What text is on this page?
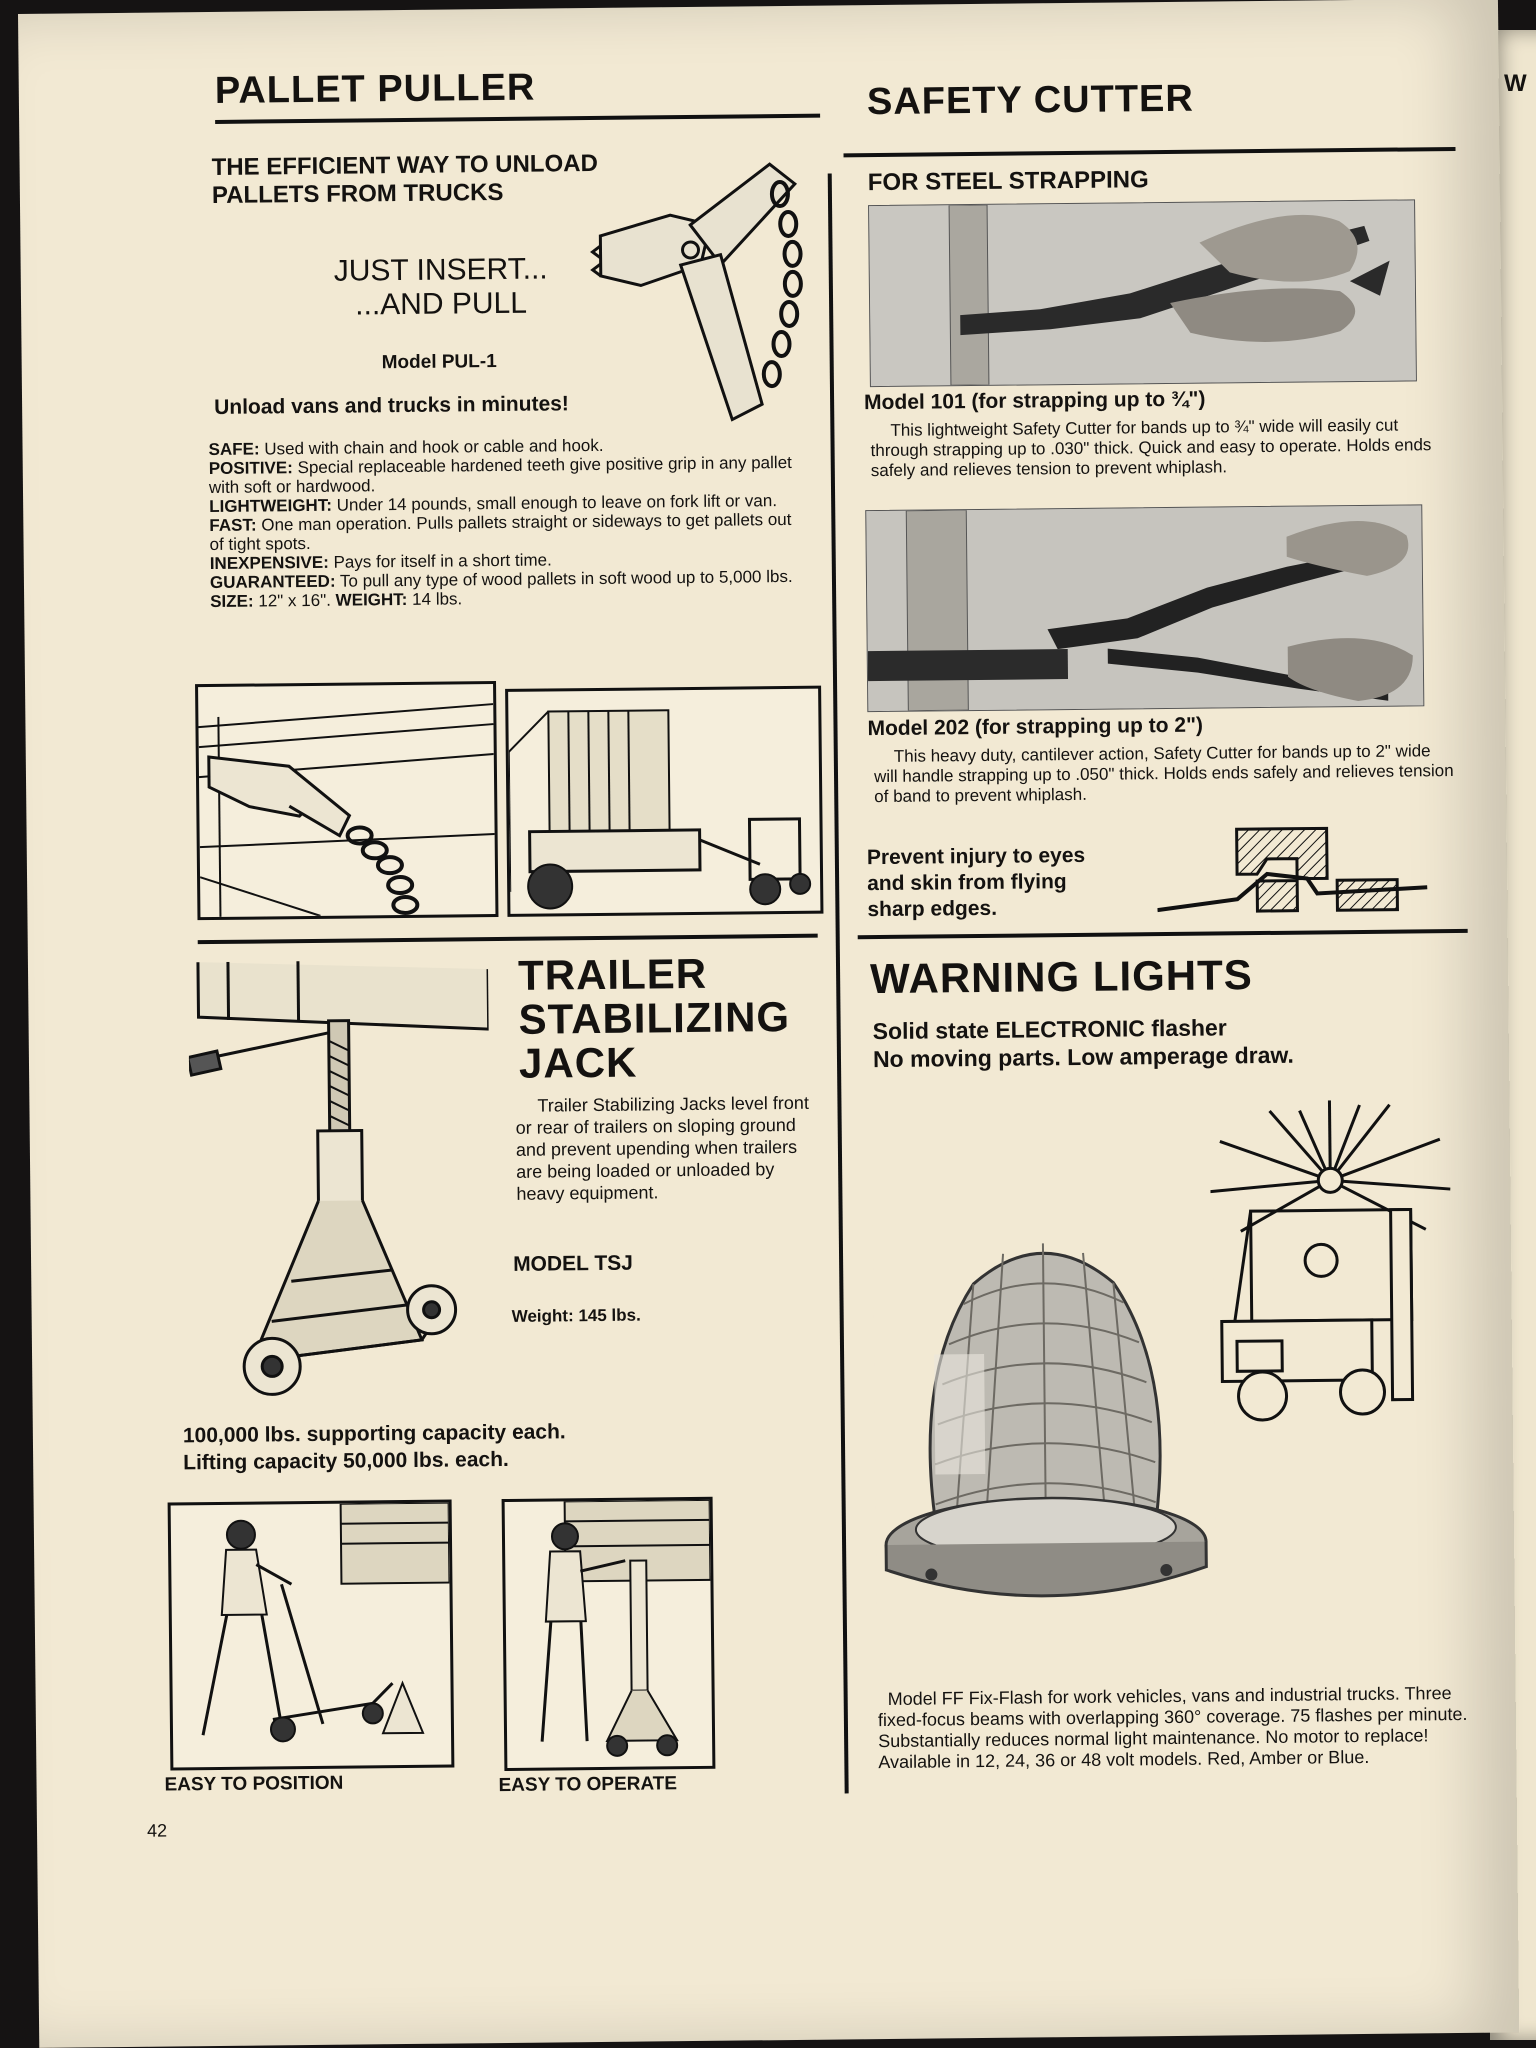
W
PALLET PULLER
THE EFFICIENT WAY TO UNLOAD
PALLETS FROM TRUCKS
JUST INSERT...
...AND PULL
Model PUL-1
Unload vans and trucks in minutes!
SAFE: Used with chain and hook or cable and hook.
POSITIVE: Special replaceable hardened teeth give positive grip in any pallet with soft or hardwood.
LIGHTWEIGHT: Under 14 pounds, small enough to leave on fork lift or van.
FAST: One man operation. Pulls pallets straight or sideways to get pallets out of tight spots.
INEXPENSIVE: Pays for itself in a short time.
GUARANTEED: To pull any type of wood pallets in soft wood up to 5,000 lbs.
SIZE: 12" x 16". WEIGHT: 14 lbs.
TRAILER
STABILIZING
JACK
Trailer Stabilizing Jacks level front or rear of trailers on sloping ground and prevent upending when trailers are being loaded or unloaded by heavy equipment.
MODEL TSJ
Weight: 145 lbs.
100,000 lbs. supporting capacity each.
Lifting capacity 50,000 lbs. each.
EASY TO POSITION	EASY TO OPERATE
42
SAFETY CUTTER
FOR STEEL STRAPPING
Model 101 (for strapping up to ¾")
This lightweight Safety Cutter for bands up to ¾" wide will easily cut through strapping up to .030" thick. Quick and easy to operate. Holds ends safely and relieves tension to prevent whiplash.
Model 202 (for strapping up to 2")
This heavy duty, cantilever action, Safety Cutter for bands up to 2" wide will handle strapping up to .050" thick. Holds ends safely and relieves tension of band to prevent whiplash.
Prevent injury to eyes
and skin from flying
sharp edges.
WARNING LIGHTS
Solid state ELECTRONIC flasher
No moving parts. Low amperage draw.
Model FF Fix-Flash for work vehicles, vans and industrial trucks. Three fixed-focus beams with overlapping 360° coverage. 75 flashes per minute. Substantially reduces normal light maintenance. No motor to replace! Available in 12, 24, 36 or 48 volt models. Red, Amber or Blue.
